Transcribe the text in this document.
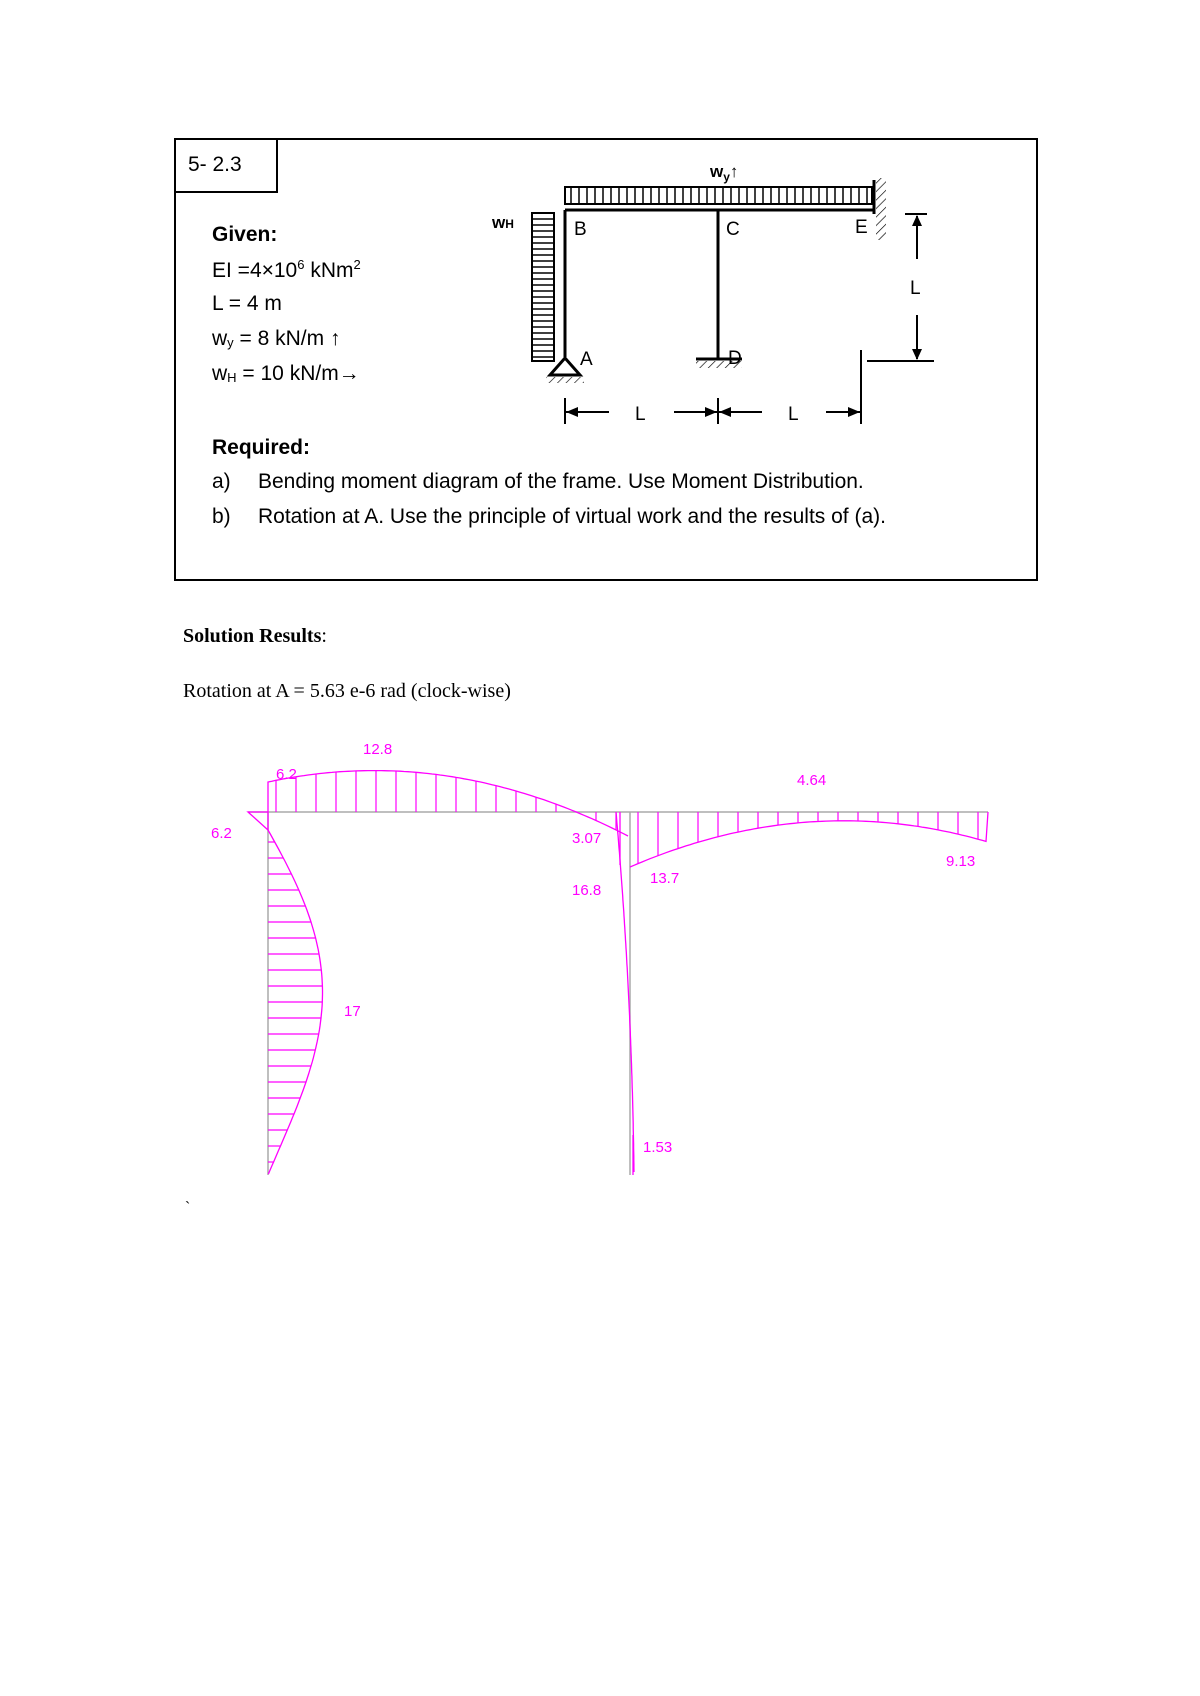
5- 2.3
Given:
EI $=4\times 10^6$ kNm$^2$
L = 4 m
$w_y = 8$ kN/m ↑
$w_H = 10$ kN/m→
Required:
a) Bending moment diagram of the frame. Use Moment Distribution.
b) Rotation at A. Use the principle of virtual work and the results of (a).
$w_y↑$
wH	B	C	E
A	D
L
L	L
Solution Results:
Rotation at A = 5.63 e-6 rad (clock-wise)
12.8
6.2
6.2
4.64
3.07
16.8
13.7
9.13
17
1.53
`
